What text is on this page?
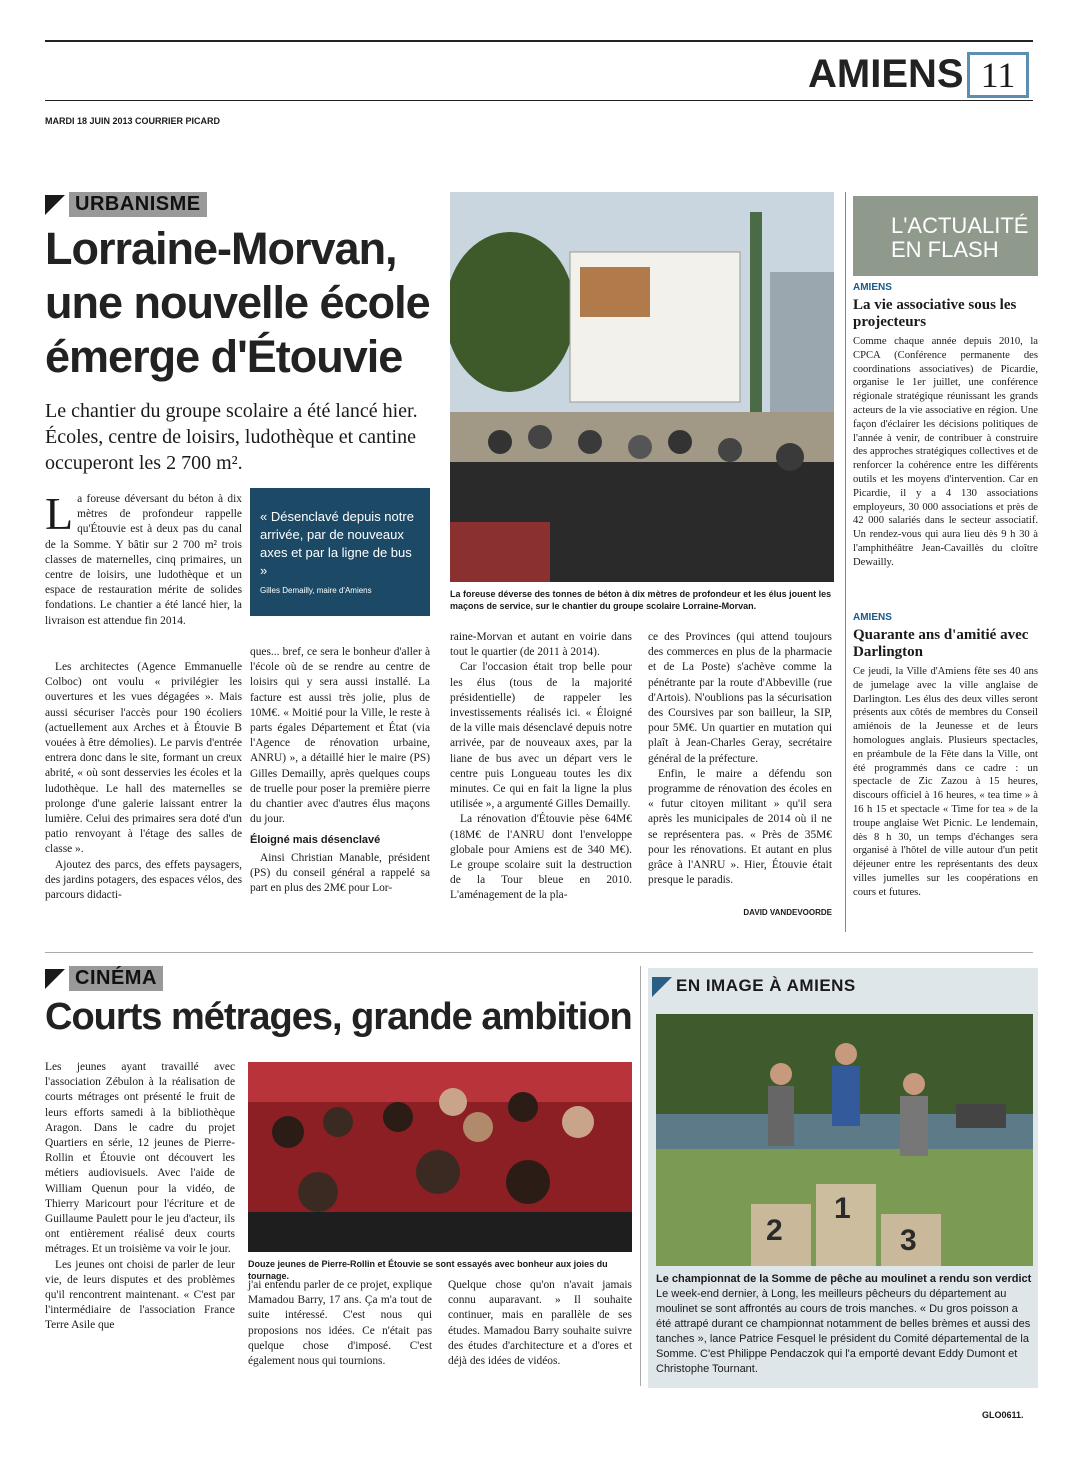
AMIENS 11
MARDI 18 JUIN 2013 COURRIER PICARD
URBANISME
Lorraine-Morvan,
une nouvelle école
émerge d'Étouvie
Le chantier du groupe scolaire a été lancé hier. Écoles, centre de loisirs, ludothèque et cantine occuperont les 2 700 m².
« Désenclavé depuis notre arrivée, par de nouveaux axes et par la ligne de bus »
Gilles Demailly, maire d'Amiens
La foreuse déversant du béton à dix mètres de profondeur rappelle qu'Étouvie est à deux pas du canal de la Somme. Y bâtir sur 2 700 m² trois classes de maternelles, cinq primaires, un centre de loisirs, une ludothèque et un espace de restauration mérite de solides fondations. Le chantier a été lancé hier, la livraison est attendue fin 2014.

Les architectes (Agence Emmanuelle Colboc) ont voulu « privilégier les ouvertures et les vues dégagées ». Mais aussi sécuriser l'accès pour 190 écoliers (actuellement aux Arches et à Étouvie B vouées à être démolies). Le parvis d'entrée entrera donc dans le site, formant un creux abrité, « où sont desservies les écoles et la ludothèque. Le hall des maternelles se prolonge d'une galerie laissant entrer la lumière. Celui des primaires sera doté d'un patio renvoyant à l'étage des salles de classe ».

Ajoutez des parcs, des effets paysagers, des jardins potagers, des espaces vélos, des parcours didacti-

ques... bref, ce sera le bonheur d'aller à l'école où de se rendre au centre de loisirs qui y sera aussi installé. La facture est aussi très jolie, plus de 10M€. « Moitié pour la Ville, le reste à parts égales Département et État (via l'Agence de rénovation urbaine, ANRU) », a détaillé hier le maire (PS) Gilles Demailly, après quelques coups de truelle pour poser la première pierre du chantier avec d'autres élus maçons du jour.

Éloigné mais désenclavé

Ainsi Christian Manable, président (PS) du conseil général a rappelé sa part en plus des 2M€ pour Lor-

La foreuse déverse des tonnes de béton à dix mètres de profondeur et les élus jouent les maçons de service, sur le chantier du groupe scolaire Lorraine-Morvan.

raine-Morvan et autant en voirie dans tout le quartier (de 2011 à 2014).

Car l'occasion était trop belle pour les élus (tous de la majorité présidentielle) de rappeler les investissements réalisés ici. « Éloigné de la ville mais désenclavé depuis notre arrivée, par de nouveaux axes, par la liane de bus avec un départ vers le centre puis Longueau toutes les dix minutes. Ce qui en fait la ligne la plus utilisée », a argumenté Gilles Demailly.

La rénovation d'Étouvie pèse 64M€ (18M€ de l'ANRU dont l'enveloppe globale pour Amiens est de 340 M€). Le groupe scolaire suit la destruction de la Tour bleue en 2010. L'aménagement de la pla-

ce des Provinces (qui attend toujours des commerces en plus de la pharmacie et de La Poste) s'achève comme la pénétrante par la route d'Abbeville (rue d'Artois). N'oublions pas la sécurisation des Coursives par son bailleur, la SIP, pour 5M€. Un quartier en mutation qui plaît à Jean-Charles Geray, secrétaire général de la préfecture.

Enfin, le maire a défendu son programme de rénovation des écoles en « futur citoyen militant » qu'il sera après les municipales de 2014 où il ne se représentera pas. « Près de 35M€ pour les rénovations. Et autant en plus grâce à l'ANRU ». Hier, Étouvie était presque le paradis.

DAVID VANDEVOORDE
L'ACTUALITÉ
EN FLASH
AMIENS
La vie associative sous les projecteurs
Comme chaque année depuis 2010, la CPCA (Conférence permanente des coordinations associatives) de Picardie, organise le 1er juillet, une conférence régionale stratégique réunissant les grands acteurs de la vie associative en région. Une façon d'éclairer les décisions politiques de l'année à venir, de contribuer à construire des approches stratégiques collectives et de renforcer la cohérence entre les différents outils et les moyens d'intervention. Car en Picardie, il y a 4 130 associations employeurs, 30 000 associations et près de 42 000 salariés dans le secteur associatif. Un rendez-vous qui aura lieu dès 9 h 30 à l'amphithéâtre Jean-Cavaillès du cloître Dewailly.
AMIENS
Quarante ans d'amitié avec Darlington
Ce jeudi, la Ville d'Amiens fête ses 40 ans de jumelage avec la ville anglaise de Darlington. Les élus des deux villes seront présents aux côtés de membres du Conseil amiénois de la Jeunesse et de leurs homologues anglais. Plusieurs spectacles, en préambule de la Fête dans la Ville, ont été programmés dans ce cadre : un spectacle de Zic Zazou à 15 heures, discours officiel à 16 heures, « tea time » à 16 h 15 et spectacle « Time for tea » de la troupe anglaise Wet Picnic. Le lendemain, dès 8 h 30, un temps d'échanges sera organisé à l'hôtel de ville autour d'un petit déjeuner entre les représentants des deux villes jumelles sur les coopérations en cours et futures.
CINÉMA
Courts métrages, grande ambition

Les jeunes ayant travaillé avec l'association Zébulon à la réalisation de courts métrages ont présenté le fruit de leurs efforts samedi à la bibliothèque Aragon. Dans le cadre du projet Quartiers en série, 12 jeunes de Pierre-Rollin et Étouvie ont découvert les métiers audiovisuels. Avec l'aide de William Quenun pour la vidéo, de Thierry Maricourt pour l'écriture et de Guillaume Paulett pour le jeu d'acteur, ils ont entièrement réalisé deux courts métrages. Et un troisième va voir le jour.

Les jeunes ont choisi de parler de leur vie, de leurs disputes et des problèmes qu'il rencontrent maintenant. « C'est par l'intermédiaire de l'association France Terre Asile que

Douze jeunes de Pierre-Rollin et Étouvie se sont essayés avec bonheur aux joies du tournage.

j'ai entendu parler de ce projet, explique Mamadou Barry, 17 ans. Ça m'a tout de suite intéressé. C'est nous qui proposions nos idées. Ce n'était pas quelque chose d'imposé. C'est également nous qui tournions.

Quelque chose qu'on n'avait jamais connu auparavant. » Il souhaite continuer, mais en parallèle de ses études. Mamadou Barry souhaite suivre des études d'architecture et a d'ores et déjà des idées de vidéos.

EN IMAGE À AMIENS
2
1
3
Le championnat de la Somme de pêche au moulinet a rendu son verdict Le week-end dernier, à Long, les meilleurs pêcheurs du département au moulinet se sont affrontés au cours de trois manches. « Du gros poisson a été attrapé durant ce championnat notamment de belles brèmes et aussi des tanches », lance Patrice Fesquel le président du Comité départemental de la Somme. C'est Philippe Pendaczok qui l'a emporté devant Eddy Dumont et Christophe Tournant.
GLO0611.
